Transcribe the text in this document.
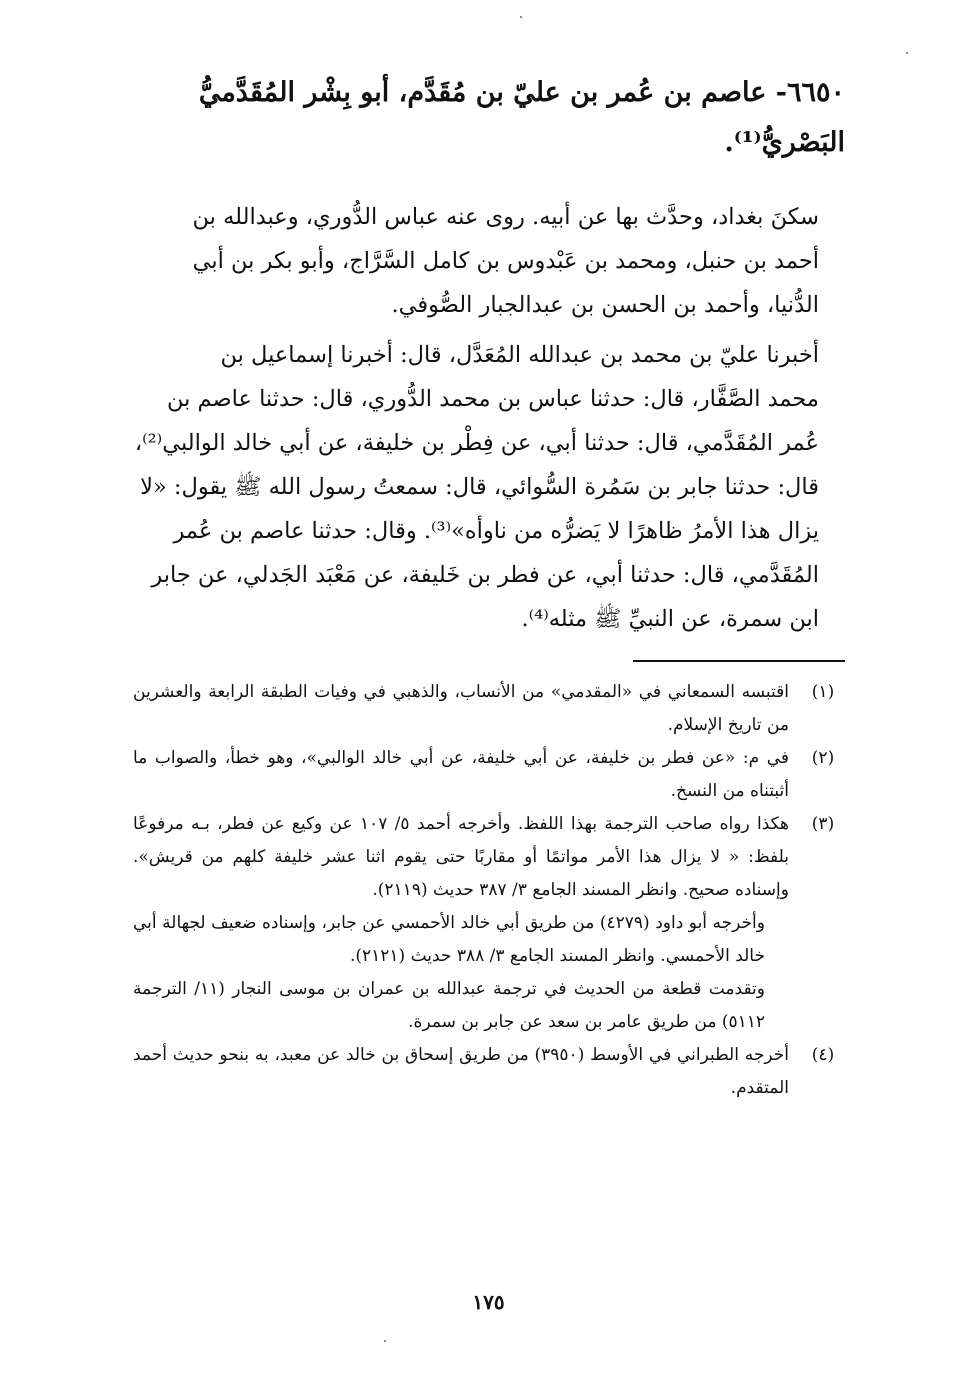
٦٦٥٠- عاصم بن عُمر بن عليّ بن مُقَدَّم، أبو بِشْر المُقَدَّميُّ
البَصْريُّ⁽¹⁾.

سكنَ بغداد، وحدَّث بها عن أبيه. روى عنه عباس الدُّوري، وعبدالله بن
أحمد بن حنبل، ومحمد بن عَبْدوس بن كامل السَّرَّاج، وأبو بكر بن أبي
الدُّنيا، وأحمد بن الحسن بن عبدالجبار الصُّوفي.

أخبرنا عليّ بن محمد بن عبدالله المُعَدَّل، قال: أخبرنا إسماعيل بن
محمد الصَّفَّار، قال: حدثنا عباس بن محمد الدُّوري، قال: حدثنا عاصم بن
عُمر المُقَدَّمي، قال: حدثنا أبي، عن فِطْر بن خليفة، عن أبي خالد الوالبي⁽²⁾،
قال: حدثنا جابر بن سَمُرة السُّوائي، قال: سمعتُ رسول الله ﷺ يقول: «لا
يزال هذا الأمرُ ظاهرًا لا يَضرُّه من ناوأه»⁽³⁾. وقال: حدثنا عاصم بن عُمر
المُقَدَّمي، قال: حدثنا أبي، عن فطر بن خَليفة، عن مَعْبَد الجَدلي، عن جابر
ابن سمرة، عن النبيِّ ﷺ مثله⁽⁴⁾.

(١)
اقتبسه السمعاني في «المقدمي» من الأنساب، والذهبي في وفيات الطبقة الرابعة والعشرين من تاريخ الإسلام.
(٢)
في م: «عن فطر بن خليفة، عن أبي خليفة، عن أبي خالد الوالبي»، وهو خطأ، والصواب ما أثبتناه من النسخ.
(٣)
هكذا رواه صاحب الترجمة بهذا اللفظ. وأخرجه أحمد ٥/ ١٠٧ عن وكيع عن فطر، بـه مرفوعًا بلفظ: « لا يزال هذا الأمر مواتمًا أو مقاربًا حتى يقوم اثنا عشر خليفة كلهم من قريش». وإسناده صحيح. وانظر المسند الجامع ٣/ ٣٨٧ حديث (٢١١٩).
وأخرجه أبو داود (٤٢٧٩) من طريق أبي خالد الأحمسي عن جابر، وإسناده ضعيف لجهالة أبي خالد الأحمسي. وانظر المسند الجامع ٣/ ٣٨٨ حديث (٢١٢١).
وتقدمت قطعة من الحديث في ترجمة عبدالله بن عمران بن موسى النجار (١١/ الترجمة ٥١١٢) من طريق عامر بن سعد عن جابر بن سمرة.
(٤)
أخرجه الطبراني في الأوسط (٣٩٥٠) من طريق إسحاق بن خالد عن معبد، به بنحو حديث أحمد المتقدم.
١٧٥
